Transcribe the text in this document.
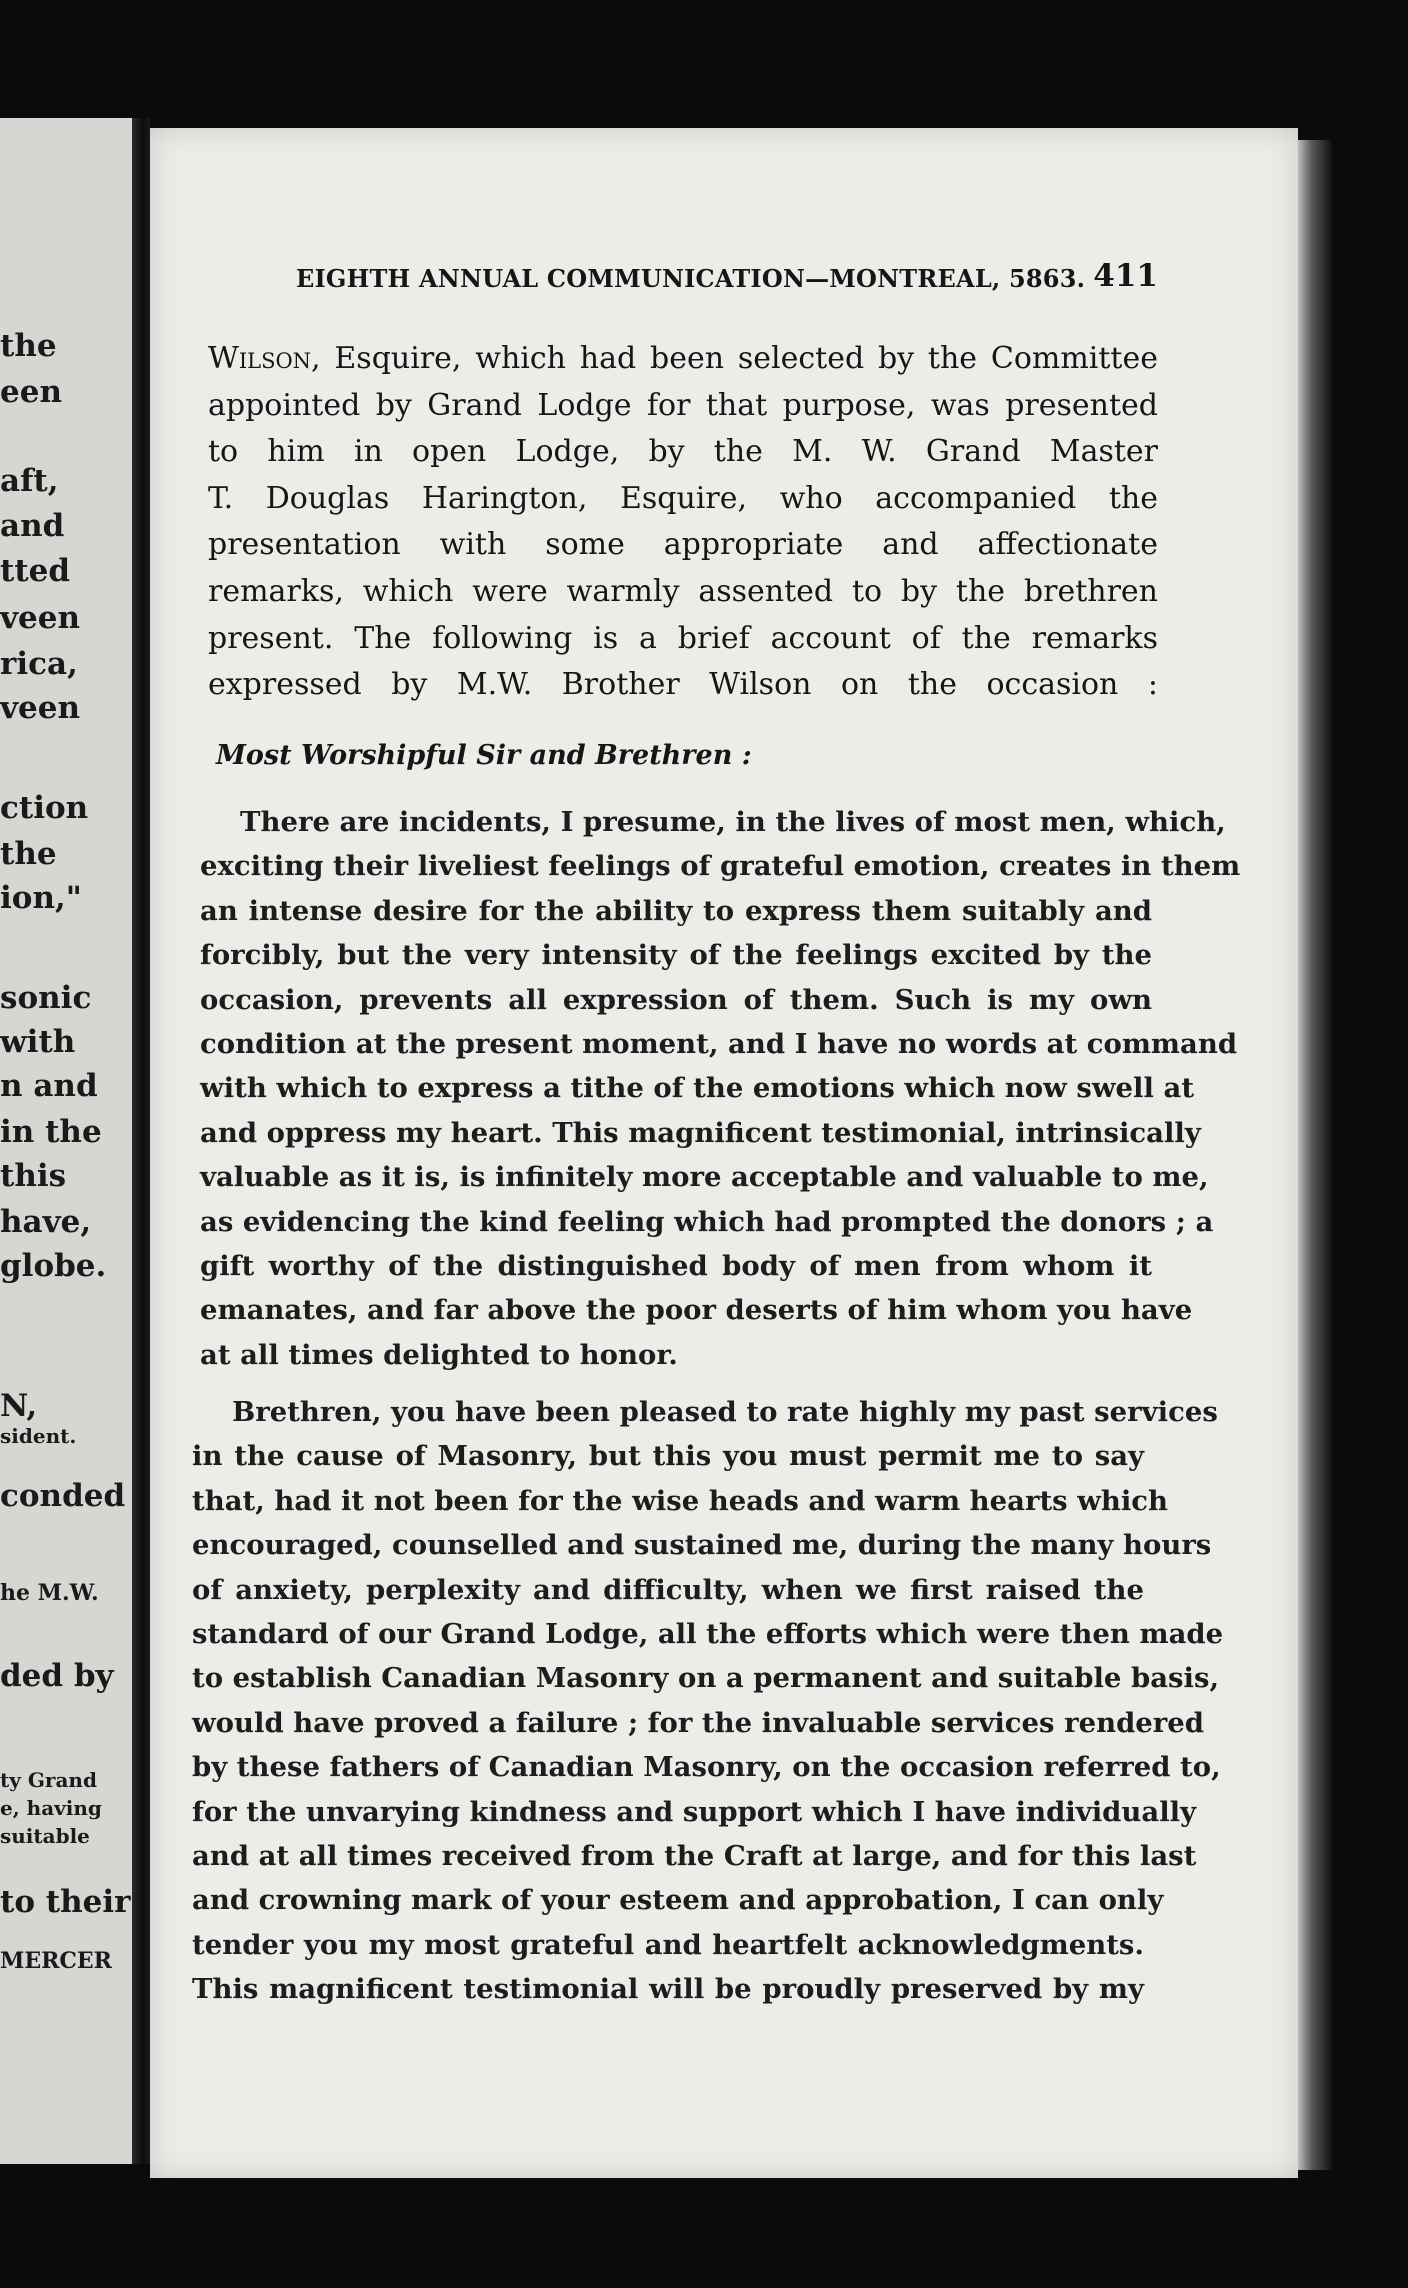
the
een
aft,
and
tted
veen
rica,
veen
ction
the
ion,"
sonic
with
n and
in the
this
have,
globe.
N,
sident.
conded
he M.W.
ded by
ty Grand
e, having
suitable
to their
MERCER
EIGHTH ANNUAL COMMUNICATION—MONTREAL, 5863. 411
Wilson, Esquire, which had been selected by the Committee
appointed by Grand Lodge for that purpose, was presented
to him in open Lodge, by the M. W. Grand Master
T. Douglas Harington, Esquire, who accompanied the
presentation with some appropriate and affectionate
remarks, which were warmly assented to by the brethren
present. The following is a brief account of the remarks
expressed by M.W. Brother Wilson on the occasion :
Most Worshipful Sir and Brethren :
There are incidents, I presume, in the lives of most men, which,
exciting their liveliest feelings of grateful emotion, creates in them
an intense desire for the ability to express them suitably and
forcibly, but the very intensity of the feelings excited by the
occasion, prevents all expression of them. Such is my own
condition at the present moment, and I have no words at command
with which to express a tithe of the emotions which now swell at
and oppress my heart. This magnificent testimonial, intrinsically
valuable as it is, is infinitely more acceptable and valuable to me,
as evidencing the kind feeling which had prompted the donors ; a
gift worthy of the distinguished body of men from whom it
emanates, and far above the poor deserts of him whom you have
at all times delighted to honor.
Brethren, you have been pleased to rate highly my past services
in the cause of Masonry, but this you must permit me to say
that, had it not been for the wise heads and warm hearts which
encouraged, counselled and sustained me, during the many hours
of anxiety, perplexity and difficulty, when we first raised the
standard of our Grand Lodge, all the efforts which were then made
to establish Canadian Masonry on a permanent and suitable basis,
would have proved a failure ; for the invaluable services rendered
by these fathers of Canadian Masonry, on the occasion referred to,
for the unvarying kindness and support which I have individually
and at all times received from the Craft at large, and for this last
and crowning mark of your esteem and approbation, I can only
tender you my most grateful and heartfelt acknowledgments.
This magnificent testimonial will be proudly preserved by my
